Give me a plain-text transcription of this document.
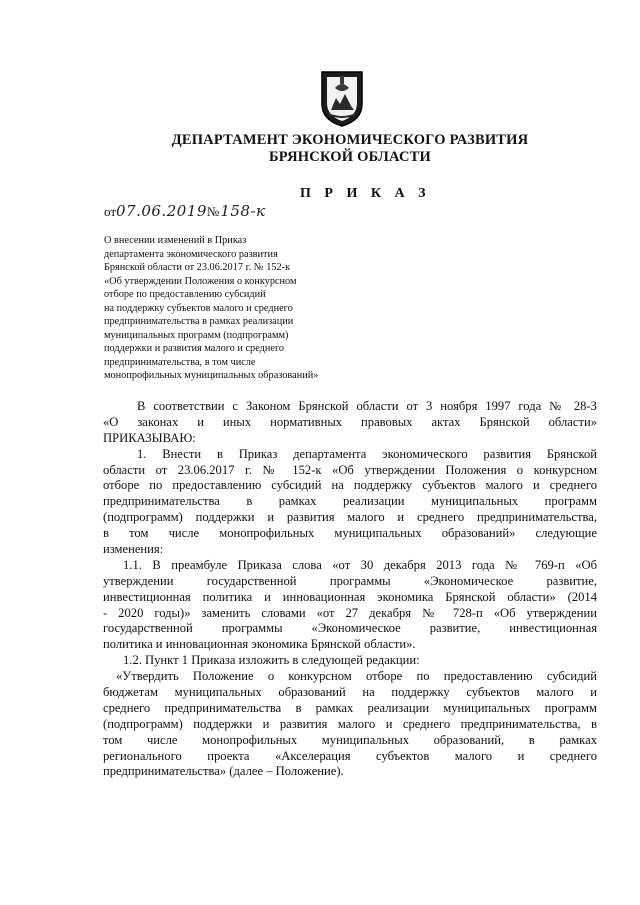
ДЕПАРТАМЕНТ ЭКОНОМИЧЕСКОГО РАЗВИТИЯ
БРЯНСКОЙ ОБЛАСТИ
П Р И К А З
от07.06.2019№158-к
О внесении изменений в Приказ
департамента экономического развития
Брянской области от 23.06.2017 г. № 152-к
«Об утверждении Положения о конкурсном
отборе по предоставлению субсидий
на поддержку субъектов малого и среднего
предпринимательства в рамках реализации
муниципальных программ (подпрограмм)
поддержки и развития малого и среднего
предпринимательства, в том числе
монопрофильных муниципальных образований»
В соответствии с Законом Брянской области от 3 ноября 1997 года № 28-З
«О законах и иных нормативных правовых актах Брянской области»
ПРИКАЗЫВАЮ:
1. Внести в Приказ департамента экономического развития Брянской
области от 23.06.2017 г. № 152-к «Об утверждении Положения о конкурсном
отборе по предоставлению субсидий на поддержку субъектов малого и среднего
предпринимательства в рамках реализации муниципальных программ
(подпрограмм) поддержки и развития малого и среднего предпринимательства,
в том числе монопрофильных муниципальных образований» следующие
изменения:
1.1. В преамбуле Приказа слова «от 30 декабря 2013 года № 769-п «Об
утверждении государственной программы «Экономическое развитие,
инвестиционная политика и инновационная экономика Брянской области» (2014
- 2020 годы)» заменить словами «от 27 декабря № 728-п «Об утверждении
государственной программы «Экономическое развитие, инвестиционная
политика и инновационная экономика Брянской области».
1.2. Пункт 1 Приказа изложить в следующей редакции:
«Утвердить Положение о конкурсном отборе по предоставлению субсидий
бюджетам муниципальных образований на поддержку субъектов малого и
среднего предпринимательства в рамках реализации муниципальных программ
(подпрограмм) поддержки и развития малого и среднего предпринимательства, в
том числе монопрофильных муниципальных образований, в рамках
регионального проекта «Акселерация субъектов малого и среднего
предпринимательства» (далее – Положение).
